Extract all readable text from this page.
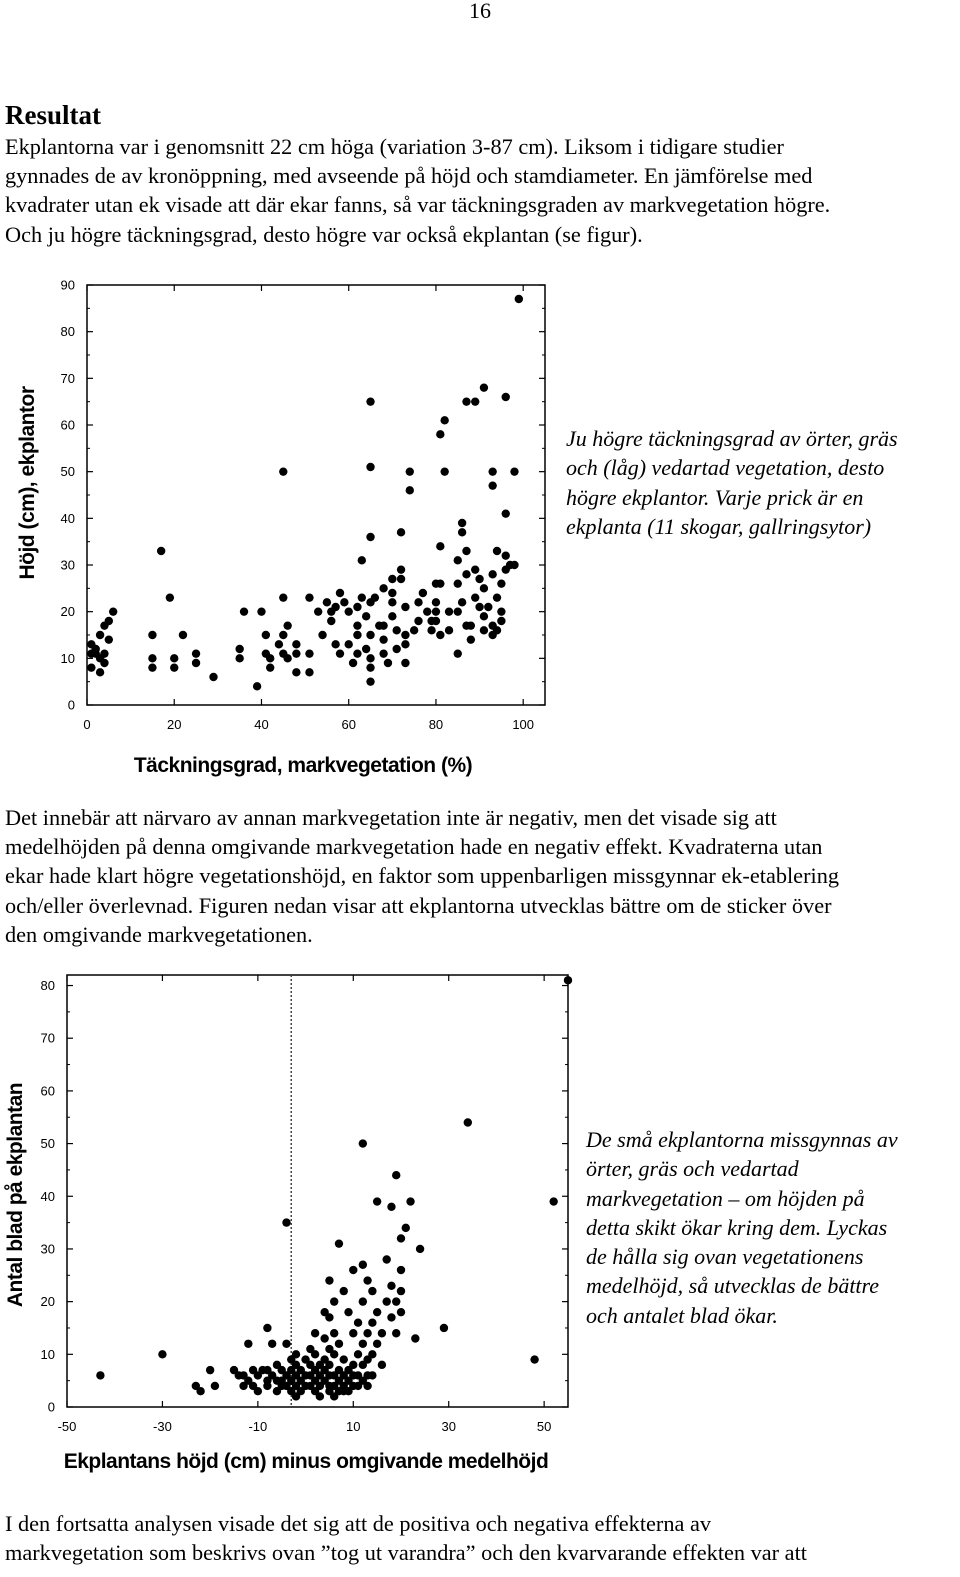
16
Resultat
Ekplantorna var i genomsnitt 22 cm höga (variation 3-87 cm). Liksom i tidigare studier
gynnades de av kronöppning, med avseende på höjd och stamdiameter. En jämförelse med
kvadrater utan ek visade att där ekar fanns, så var täckningsgraden av markvegetation högre.
Och ju högre täckningsgrad, desto högre var också ekplantan (se figur).
0
10
20
30
40
50
60
70
80
90
0	20	40	60	80	100
Täckningsgrad, markvegetation (%)
Höjd (cm), ekplantor	Ju högre täckningsgrad av örter, gräs
och (låg) vedartad vegetation, desto
högre ekplantor. Varje prick är en
ekplanta (11 skogar, gallringsytor)
Det innebär att närvaro av annan markvegetation inte är negativ, men det visade sig att
medelhöjden på denna omgivande markvegetation hade en negativ effekt. Kvadraterna utan
ekar hade klart högre vegetationshöjd, en faktor som uppenbarligen missgynnar ek-etablering
och/eller överlevnad. Figuren nedan visar att ekplantorna utvecklas bättre om de sticker över
den omgivande markvegetationen.
0
10
20
30
40
50
60
70
80
-50	-30	-10	10	30	50
Ekplantans höjd (cm) minus omgivande medelhöjd
Antal blad på ekplantan	De små ekplantorna missgynnas av
örter, gräs och vedartad
markvegetation – om höjden på
detta skikt ökar kring dem. Lyckas
de hålla sig ovan vegetationens
medelhöjd, så utvecklas de bättre
och antalet blad ökar.
I den fortsatta analysen visade det sig att de positiva och negativa effekterna av
markvegetation som beskrivs ovan ”tog ut varandra” och den kvarvarande effekten var att
